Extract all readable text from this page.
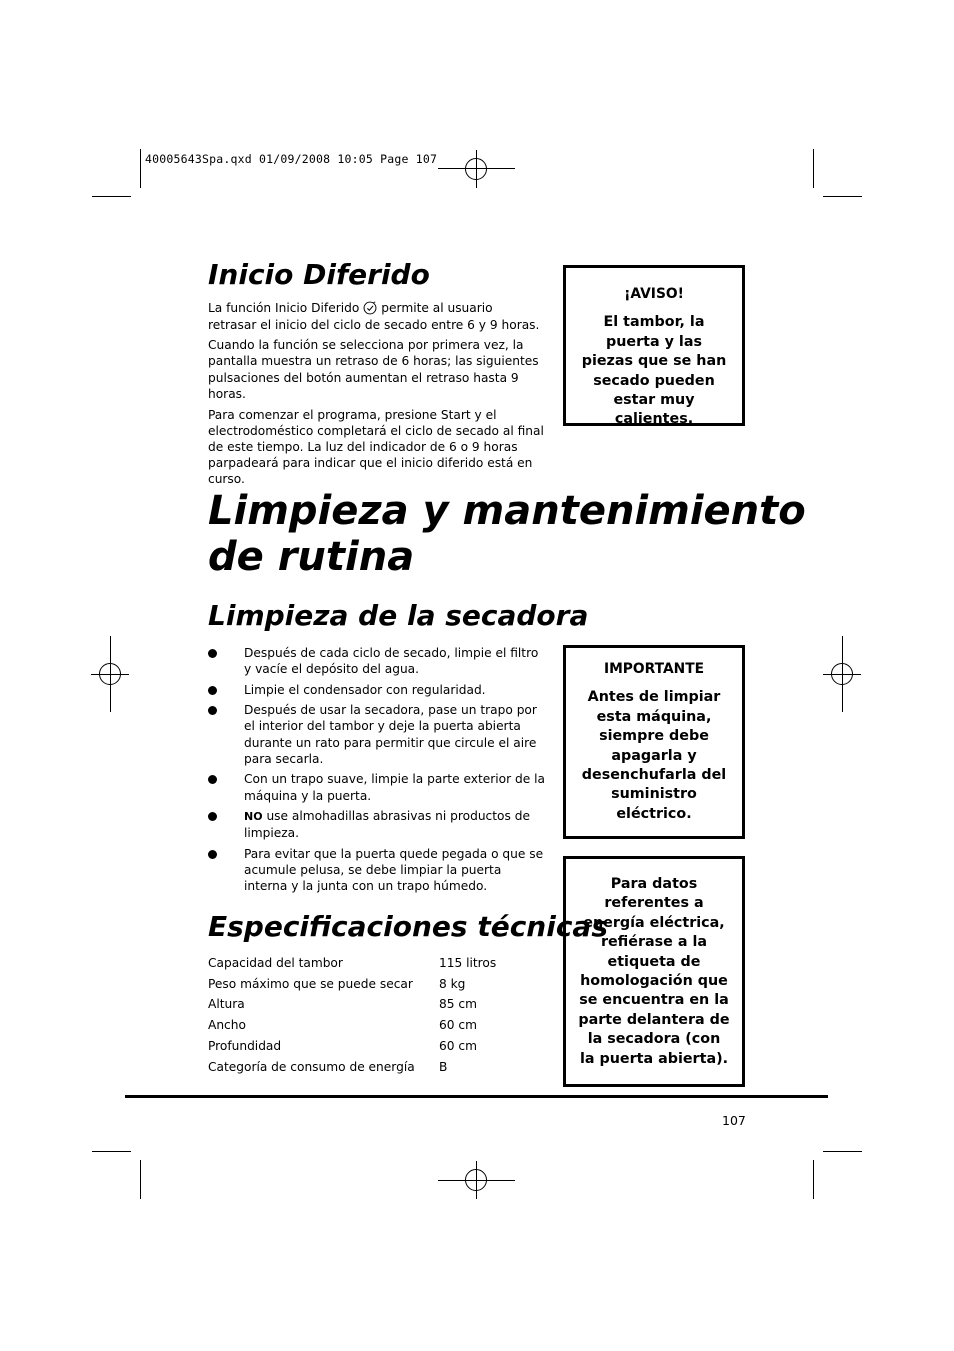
40005643Spa.qxd 01/09/2008 10:05 Page 107
Inicio Diferido

La función Inicio Diferido permite al usuario retrasar el inicio del ciclo de secado entre 6 y 9 horas.

Cuando la función se selecciona por primera vez, la pantalla muestra un retraso de 6 horas; las siguientes pulsaciones del botón aumentan el retraso hasta 9 horas.

Para comenzar el programa, presione Start y el electrodoméstico completará el ciclo de secado al final de este tiempo. La luz del indicador de 6 o 9 horas parpadeará para indicar que el inicio diferido está en curso.

¡AVISO!
El tambor, la puerta y las piezas que se han secado pueden estar muy calientes.
Limpieza y mantenimiento
de rutina
Limpieza de la secadora
Después de cada ciclo de secado, limpie el filtro y vacíe el depósito del agua.
Limpie el condensador con regularidad.
Después de usar la secadora, pase un trapo por el interior del tambor y deje la puerta abierta durante un rato para permitir que circule el aire para secarla.
Con un trapo suave, limpie la parte exterior de la máquina y la puerta.
NO use almohadillas abrasivas ni productos de limpieza.
Para evitar que la puerta quede pegada o que se acumule pelusa, se debe limpiar la puerta interna y la junta con un trapo húmedo.
IMPORTANTE
Antes de limpiar esta máquina, siempre debe apagarla y desenchufarla del suministro eléctrico.
Para datos referentes a energía eléctrica, refiérase a la etiqueta de homologación que se encuentra en la parte delantera de la secadora (con la puerta abierta).
Especificaciones técnicas
Capacidad del tambor	115 litros
Peso máximo que se puede secar	8 kg
Altura	85 cm
Ancho	60 cm
Profundidad	60 cm
Categoría de consumo de energía	B
107
